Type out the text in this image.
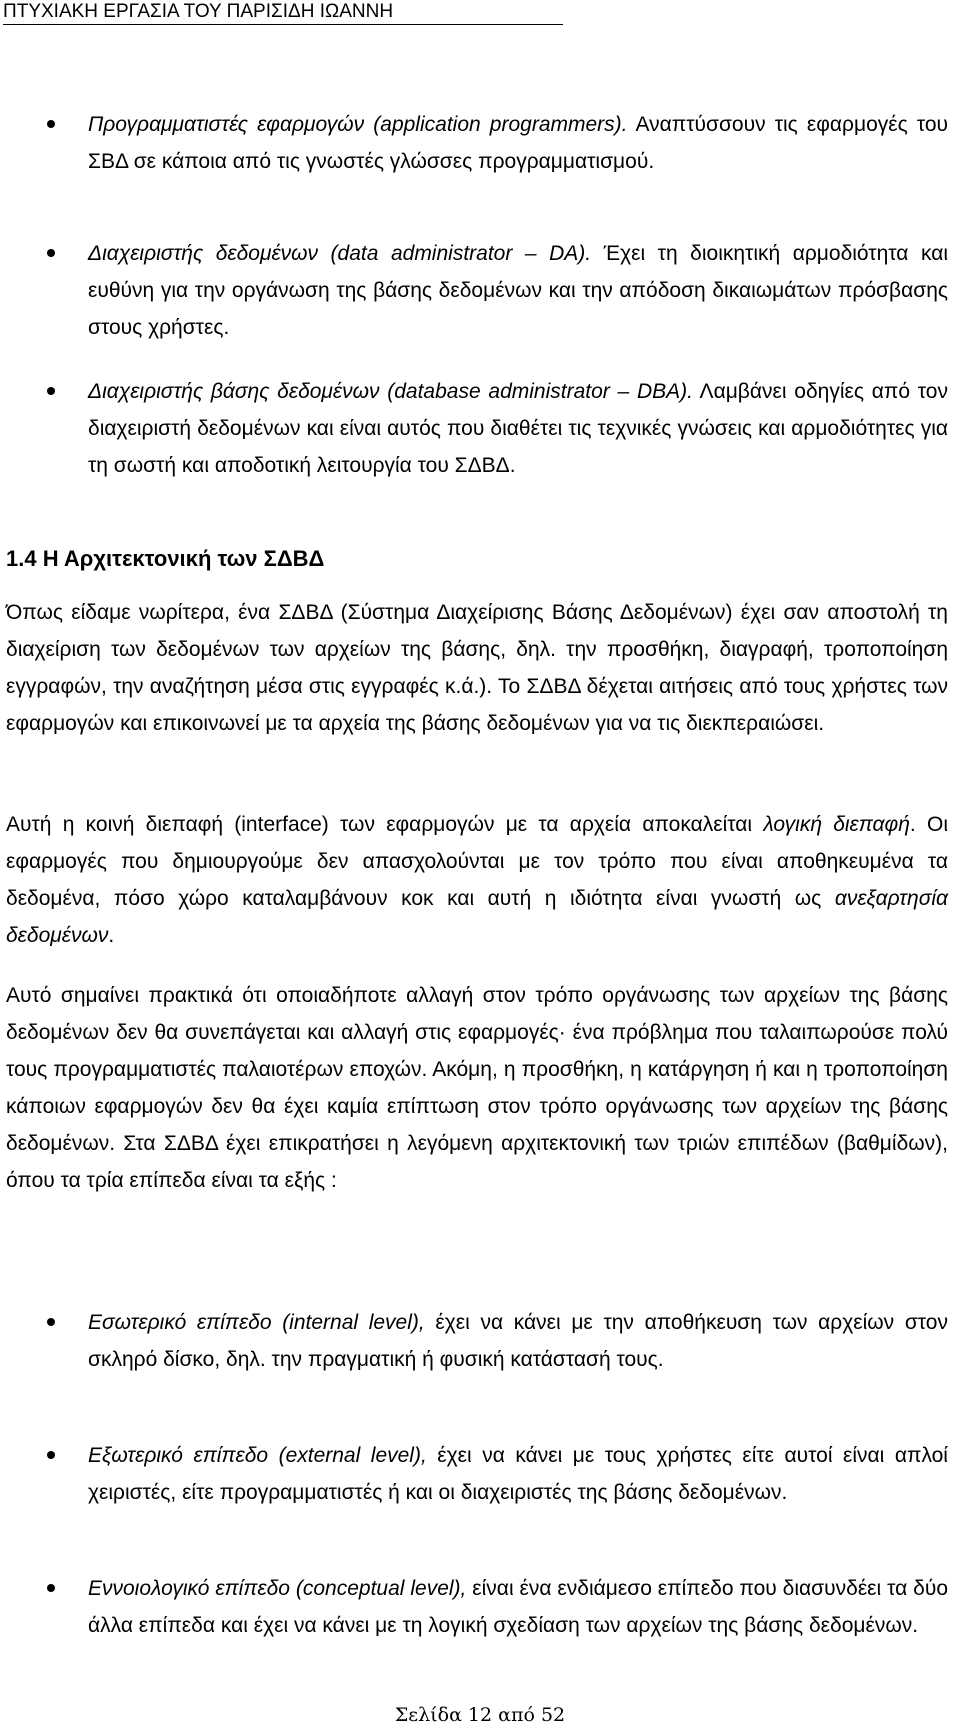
ΠΤΥΧΙΑΚΗ ΕΡΓΑΣΙΑ ΤΟΥ ΠΑΡΙΣΙΔΗ ΙΩΑΝΝΗ
Προγραμματιστές εφαρμογών (application programmers). Αναπτύσσουν τις εφαρμογές του ΣΒΔ σε κάποια από τις γνωστές γλώσσες προγραμματισμού.
Διαχειριστής δεδομένων (data administrator – DA). Έχει τη διοικητική αρμοδιότητα και ευθύνη για την οργάνωση της βάσης δεδομένων και την απόδοση δικαιωμάτων πρόσβασης στους χρήστες.
Διαχειριστής βάσης δεδομένων (database administrator – DBA). Λαμβάνει οδηγίες από τον διαχειριστή δεδομένων και είναι αυτός που διαθέτει τις τεχνικές γνώσεις και αρμοδιότητες για τη σωστή και αποδοτική λειτουργία του ΣΔΒΔ.
1.4 Η Αρχιτεκτονική των ΣΔΒΔ
Όπως είδαμε νωρίτερα, ένα ΣΔΒΔ (Σύστημα Διαχείρισης Βάσης Δεδομένων) έχει σαν αποστολή τη διαχείριση των δεδομένων των αρχείων της βάσης, δηλ. την προσθήκη, διαγραφή, τροποποίηση εγγραφών, την αναζήτηση μέσα στις εγγραφές κ.ά.). Το ΣΔΒΔ δέχεται αιτήσεις από τους χρήστες των εφαρμογών και επικοινωνεί με τα αρχεία της βάσης δεδομένων για να τις διεκπεραιώσει.
Αυτή η κοινή διεπαφή (interface) των εφαρμογών με τα αρχεία αποκαλείται λογική διεπαφή. Οι εφαρμογές που δημιουργούμε δεν απασχολούνται με τον τρόπο που είναι αποθηκευμένα τα δεδομένα, πόσο χώρο καταλαμβάνουν κοκ και αυτή η ιδιότητα είναι γνωστή ως ανεξαρτησία δεδομένων.
Αυτό σημαίνει πρακτικά ότι οποιαδήποτε αλλαγή στον τρόπο οργάνωσης των αρχείων της βάσης δεδομένων δεν θα συνεπάγεται και αλλαγή στις εφαρμογές· ένα πρόβλημα που ταλαιπωρούσε πολύ τους προγραμματιστές παλαιοτέρων εποχών. Ακόμη, η προσθήκη, η κατάργηση ή και η τροποποίηση κάποιων εφαρμογών δεν θα έχει καμία επίπτωση στον τρόπο οργάνωσης των αρχείων της βάσης δεδομένων. Στα ΣΔΒΔ έχει επικρατήσει η λεγόμενη αρχιτεκτονική των τριών επιπέδων (βαθμίδων), όπου τα τρία επίπεδα είναι τα εξής :
Εσωτερικό επίπεδο (internal level), έχει να κάνει με την αποθήκευση των αρχείων στον σκληρό δίσκο, δηλ. την πραγματική ή φυσική κατάστασή τους.
Εξωτερικό επίπεδο (external level), έχει να κάνει με τους χρήστες είτε αυτοί είναι απλοί χειριστές, είτε προγραμματιστές ή και οι διαχειριστές της βάσης δεδομένων.
Εννοιολογικό επίπεδο (conceptual level), είναι ένα ενδιάμεσο επίπεδο που διασυνδέει τα δύο άλλα επίπεδα και έχει να κάνει με τη λογική σχεδίαση των αρχείων της βάσης δεδομένων.
Σελίδα 12 από 52
